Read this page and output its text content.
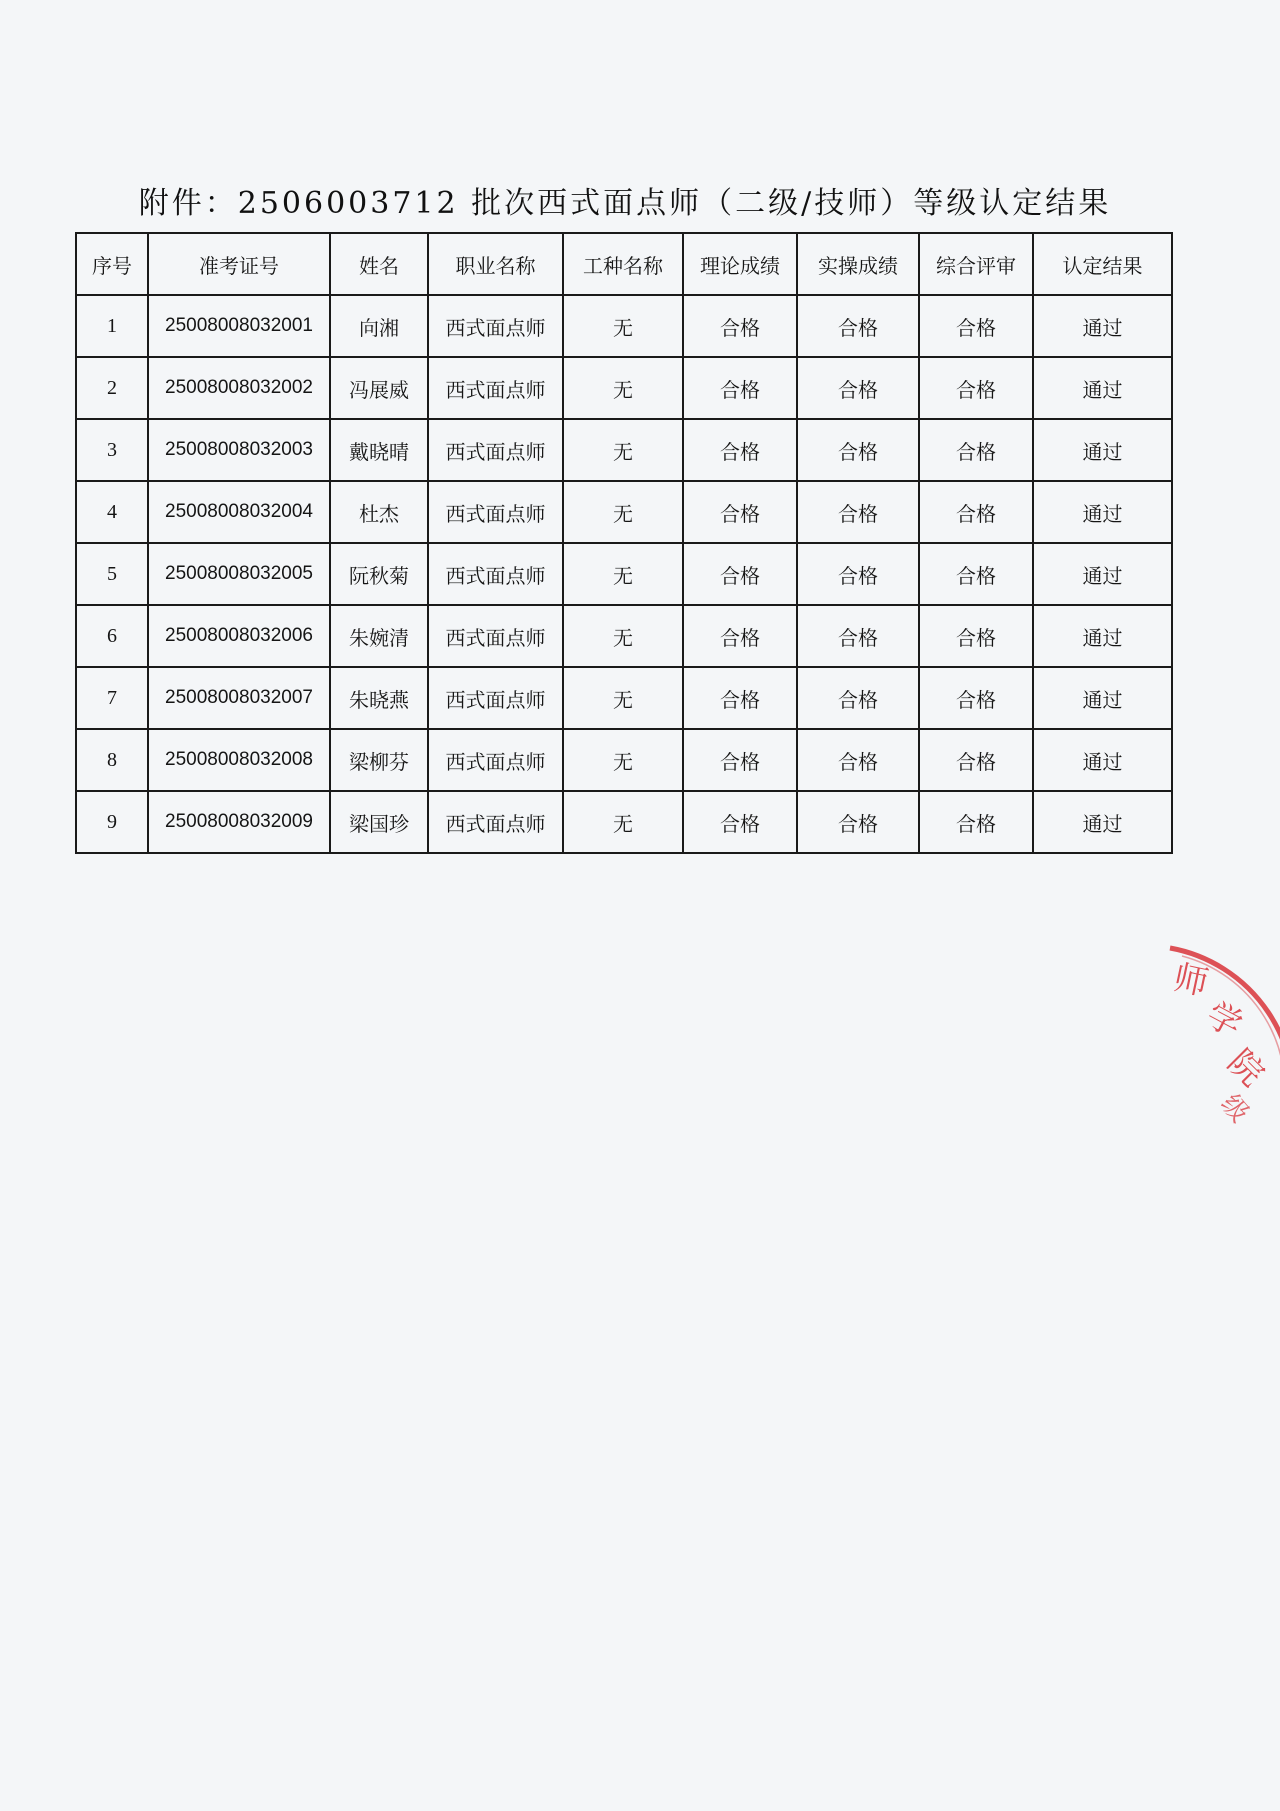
附件：2506003712 批次西式面点师（二级/技师）等级认定结果
序号	准考证号	姓名	职业名称	工种名称	理论成绩	实操成绩	综合评审	认定结果
1	25008008032001	向湘	西式面点师	无	合格	合格	合格	通过
2	25008008032002	冯展威	西式面点师	无	合格	合格	合格	通过
3	25008008032003	戴晓晴	西式面点师	无	合格	合格	合格	通过
4	25008008032004	杜杰	西式面点师	无	合格	合格	合格	通过
5	25008008032005	阮秋菊	西式面点师	无	合格	合格	合格	通过
6	25008008032006	朱婉清	西式面点师	无	合格	合格	合格	通过
7	25008008032007	朱晓燕	西式面点师	无	合格	合格	合格	通过
8	25008008032008	梁柳芬	西式面点师	无	合格	合格	合格	通过
9	25008008032009	梁国珍	西式面点师	无	合格	合格	合格	通过
师
学
院
级
